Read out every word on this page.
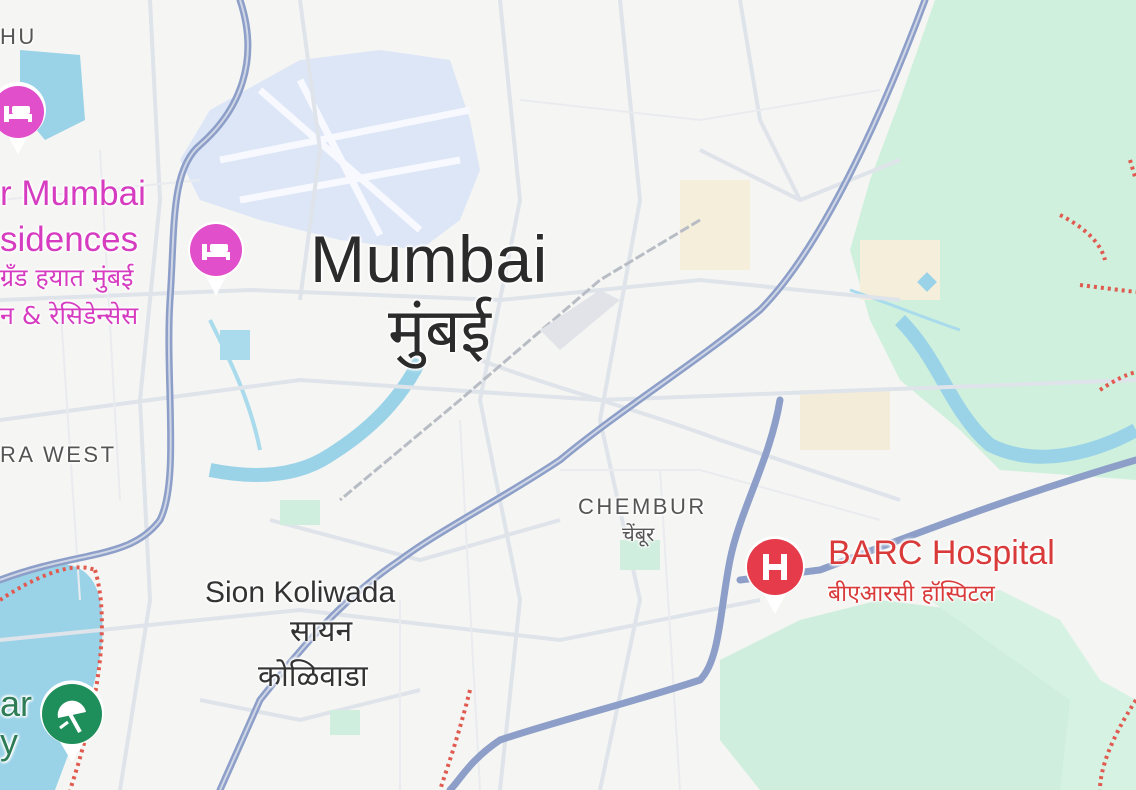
HU
Mumbai
मुंबई
RA WEST
CHEMBUR
चेंबूर
Sion Koliwada
सायन
कोळिवाडा
r Mumbai
sidences
ग्रँड हयात मुंबई
न & रेसिडेन्सेस
BARC Hospital
बीएआरसी हॉस्पिटल
ar
y
